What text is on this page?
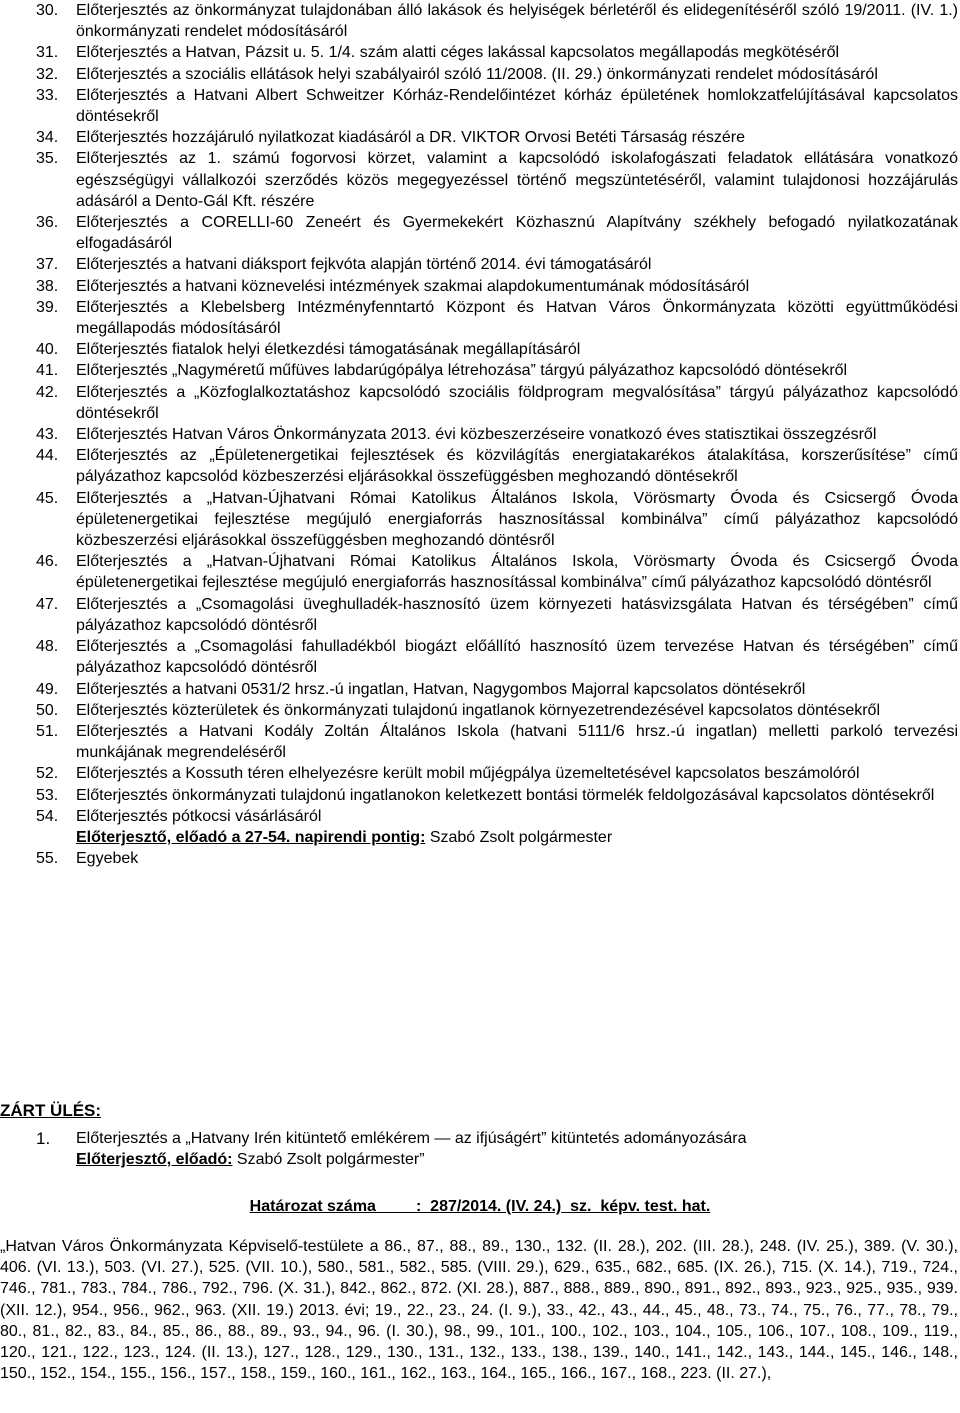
30.	Előterjesztés az önkormányzat tulajdonában álló lakások és helyiségek bérletéről és elidegenítéséről szóló 19/2011. (IV. 1.) önkormányzati rendelet módosításáról
31.	Előterjesztés a Hatvan, Pázsit u. 5. 1/4. szám alatti céges lakással kapcsolatos megállapodás megkötéséről
32.	Előterjesztés a szociális ellátások helyi szabályairól szóló 11/2008. (II. 29.) önkormányzati rendelet módosításáról
33.	Előterjesztés a Hatvani Albert Schweitzer Kórház-Rendelőintézet kórház épületének homlokzatfelújításával kapcsolatos döntésekről
34.	Előterjesztés hozzájáruló nyilatkozat kiadásáról a DR. VIKTOR Orvosi Betéti Társaság részére
35.	Előterjesztés az 1. számú fogorvosi körzet, valamint a kapcsolódó iskolafogászati feladatok ellátására vonatkozó egészségügyi vállalkozói szerződés közös megegyezéssel történő megszüntetéséről, valamint tulajdonosi hozzájárulás adásáról a Dento-Gál Kft. részére
36.	Előterjesztés a CORELLI-60 Zeneért és Gyermekekért Közhasznú Alapítvány székhely befogadó nyilatkozatának elfogadásáról
37.	Előterjesztés a hatvani diáksport fejkvóta alapján történő 2014. évi támogatásáról
38.	Előterjesztés a hatvani köznevelési intézmények szakmai alapdokumentumának módosításáról
39.	Előterjesztés a Klebelsberg Intézményfenntartó Központ és Hatvan Város Önkormányzata közötti együttműködési megállapodás módosításáról
40.	Előterjesztés fiatalok helyi életkezdési támogatásának megállapításáról
41.	Előterjesztés „Nagyméretű műfüves labdarúgópálya létrehozása” tárgyú pályázathoz kapcsolódó döntésekről
42.	Előterjesztés a „Közfoglalkoztatáshoz kapcsolódó szociális földprogram megvalósítása” tárgyú pályázathoz kapcsolódó döntésekről
43.	Előterjesztés Hatvan Város Önkormányzata 2013. évi közbeszerzéseire vonatkozó éves statisztikai összegzésről
44.	Előterjesztés az „Épületenergetikai fejlesztések és közvilágítás energiatakarékos átalakítása, korszerűsítése” című pályázathoz kapcsolód közbeszerzési eljárásokkal összefüggésben meghozandó döntésekről
45.	Előterjesztés a „Hatvan-Újhatvani Római Katolikus Általános Iskola, Vörösmarty Óvoda és Csicsergő Óvoda épületenergetikai fejlesztése megújuló energiaforrás hasznosítással kombinálva” című pályázathoz kapcsolódó közbeszerzési eljárásokkal összefüggésben meghozandó döntésről
46.	Előterjesztés a „Hatvan-Újhatvani Római Katolikus Általános Iskola, Vörösmarty Óvoda és Csicsergő Óvoda épületenergetikai fejlesztése megújuló energiaforrás hasznosítással kombinálva” című pályázathoz kapcsolódó döntésről
47.	Előterjesztés a „Csomagolási üveghulladék-hasznosító üzem környezeti hatásvizsgálata Hatvan és térségében” című pályázathoz kapcsolódó döntésről
48.	Előterjesztés a „Csomagolási fahulladékból biogázt előállító hasznosító üzem tervezése Hatvan és térségében” című pályázathoz kapcsolódó döntésről
49.	Előterjesztés a hatvani 0531/2 hrsz.-ú ingatlan, Hatvan, Nagygombos Majorral kapcsolatos döntésekről
50.	Előterjesztés közterületek és önkormányzati tulajdonú ingatlanok környezetrendezésével kapcsolatos döntésekről
51.	Előterjesztés a Hatvani Kodály Zoltán Általános Iskola (hatvani 5111/6 hrsz.-ú ingatlan) melletti parkoló tervezési munkájának megrendeléséről
52.	Előterjesztés a Kossuth téren elhelyezésre került mobil műjégpálya üzemeltetésével kapcsolatos beszámolóról
53.	Előterjesztés önkormányzati tulajdonú ingatlanokon keletkezett bontási törmelék feldolgozásával kapcsolatos döntésekről
54.	Előterjesztés pótkocsi vásárlásáról
Előterjesztő, előadó a 27-54. napirendi pontig: Szabó Zsolt polgármester
55.	Egyebek
ZÁRT ÜLÉS:
1.	Előterjesztés a „Hatvany Irén kitüntető emlékérem — az ifjúságért” kitüntetés adományozására
Előterjesztő, előadó: Szabó Zsolt polgármester”
Határozat száma         :  287/2014. (IV. 24.)  sz.  képv. test. hat.
„Hatvan Város Önkormányzata Képviselő-testülete a 86., 87., 88., 89., 130., 132. (II. 28.), 202. (III. 28.), 248. (IV. 25.), 389. (V. 30.), 406. (VI. 13.), 503. (VI. 27.), 525. (VII. 10.), 580., 581., 582., 585. (VIII. 29.), 629., 635., 682., 685. (IX. 26.), 715. (X. 14.), 719., 724., 746., 781., 783., 784., 786., 792., 796. (X. 31.), 842., 862., 872. (XI. 28.), 887., 888., 889., 890., 891., 892., 893., 923., 925., 935., 939. (XII. 12.), 954., 956., 962., 963. (XII. 19.) 2013. évi; 19., 22., 23., 24. (I. 9.), 33., 42., 43., 44., 45., 48., 73., 74., 75., 76., 77., 78., 79., 80., 81., 82., 83., 84., 85., 86., 88., 89., 93., 94., 96. (I. 30.), 98., 99., 101., 100., 102., 103., 104., 105., 106., 107., 108., 109., 119., 120., 121., 122., 123., 124. (II. 13.), 127., 128., 129., 130., 131., 132., 133., 138., 139., 140., 141., 142., 143., 144., 145., 146., 148., 150., 152., 154., 155., 156., 157., 158., 159., 160., 161., 162., 163., 164., 165., 166., 167., 168., 223. (II. 27.),
